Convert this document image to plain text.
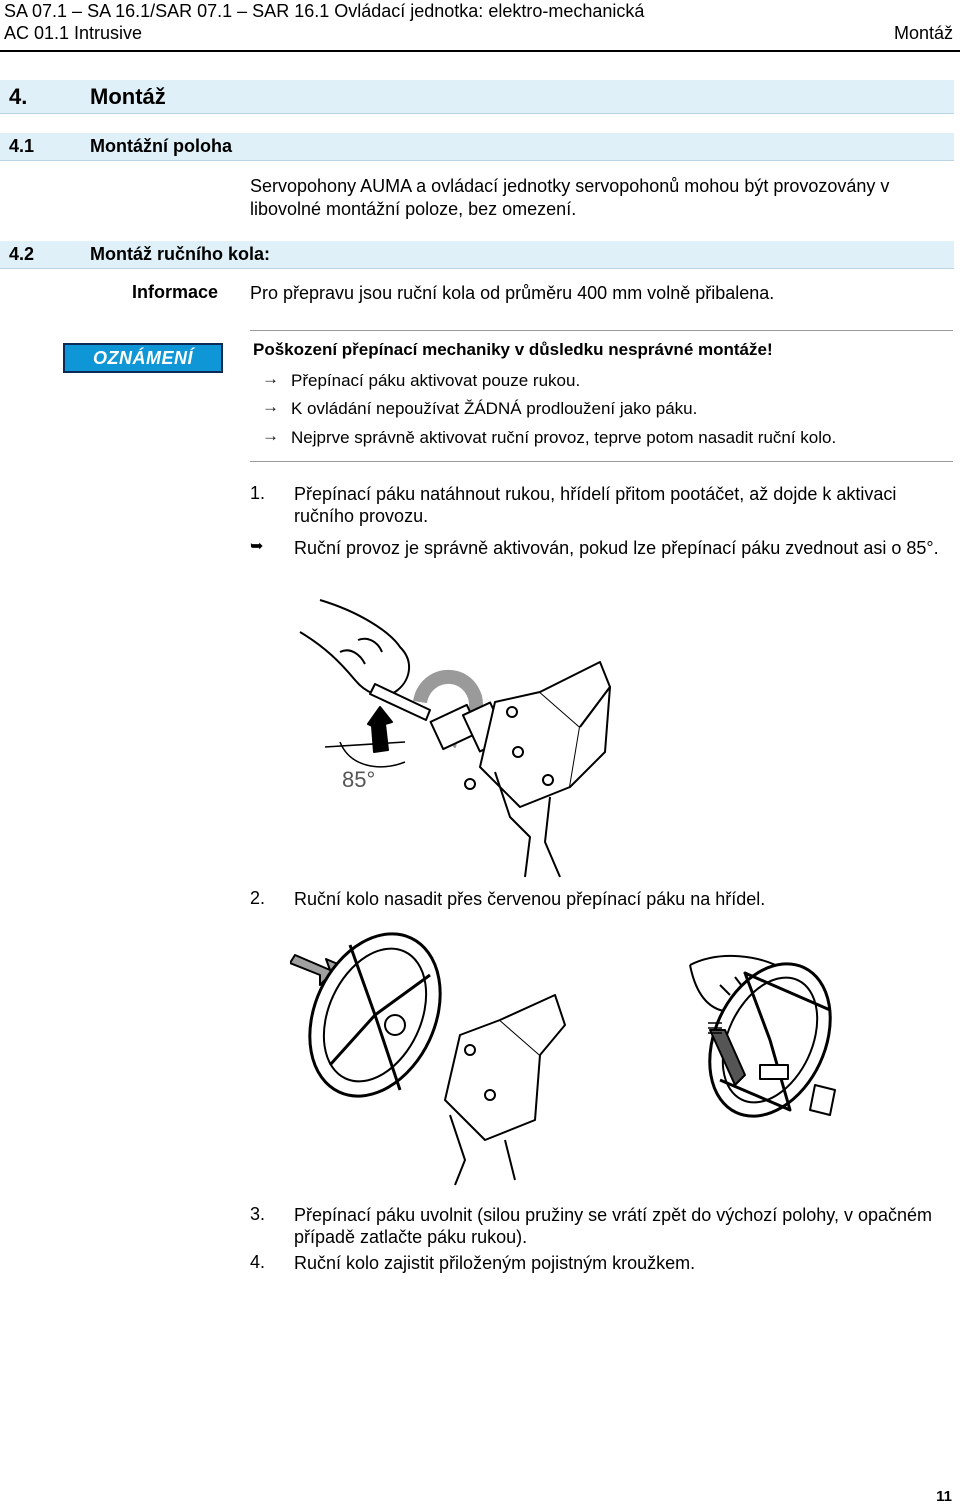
SA 07.1 – SA 16.1/SAR 07.1 – SAR 16.1 Ovládací jednotka: elektro-mechanická
AC 01.1 Intrusive	Montáž
4.	Montáž
4.1	Montážní poloha
Servopohony AUMA a ovládací jednotky servopohonů mohou být provozovány v libovolné montážní poloze, bez omezení.
4.2	Montáž ručního kola:
Informace Pro přepravu jsou ruční kola od průměru 400 mm volně přibalena.
OZNÁMENÍ	Poškození přepínací mechaniky v důsledku nesprávné montáže!
→ Přepínací páku aktivovat pouze rukou.
→ K ovládání nepoužívat ŽÁDNÁ prodloužení jako páku.
→ Nejprve správně aktivovat ruční provoz, teprve potom nasadit ruční kolo.
1. Přepínací páku natáhnout rukou, hřídelí přitom pootáčet, až dojde k aktivaci ručního provozu.
➥ Ruční provoz je správně aktivován, pokud lze přepínací páku zvednout asi o 85°.
85°
2. Ruční kolo nasadit přes červenou přepínací páku na hřídel.
3. Přepínací páku uvolnit (silou pružiny se vrátí zpět do výchozí polohy, v opačném případě zatlačte páku rukou).
4. Ruční kolo zajistit přiloženým pojistným kroužkem.
11
